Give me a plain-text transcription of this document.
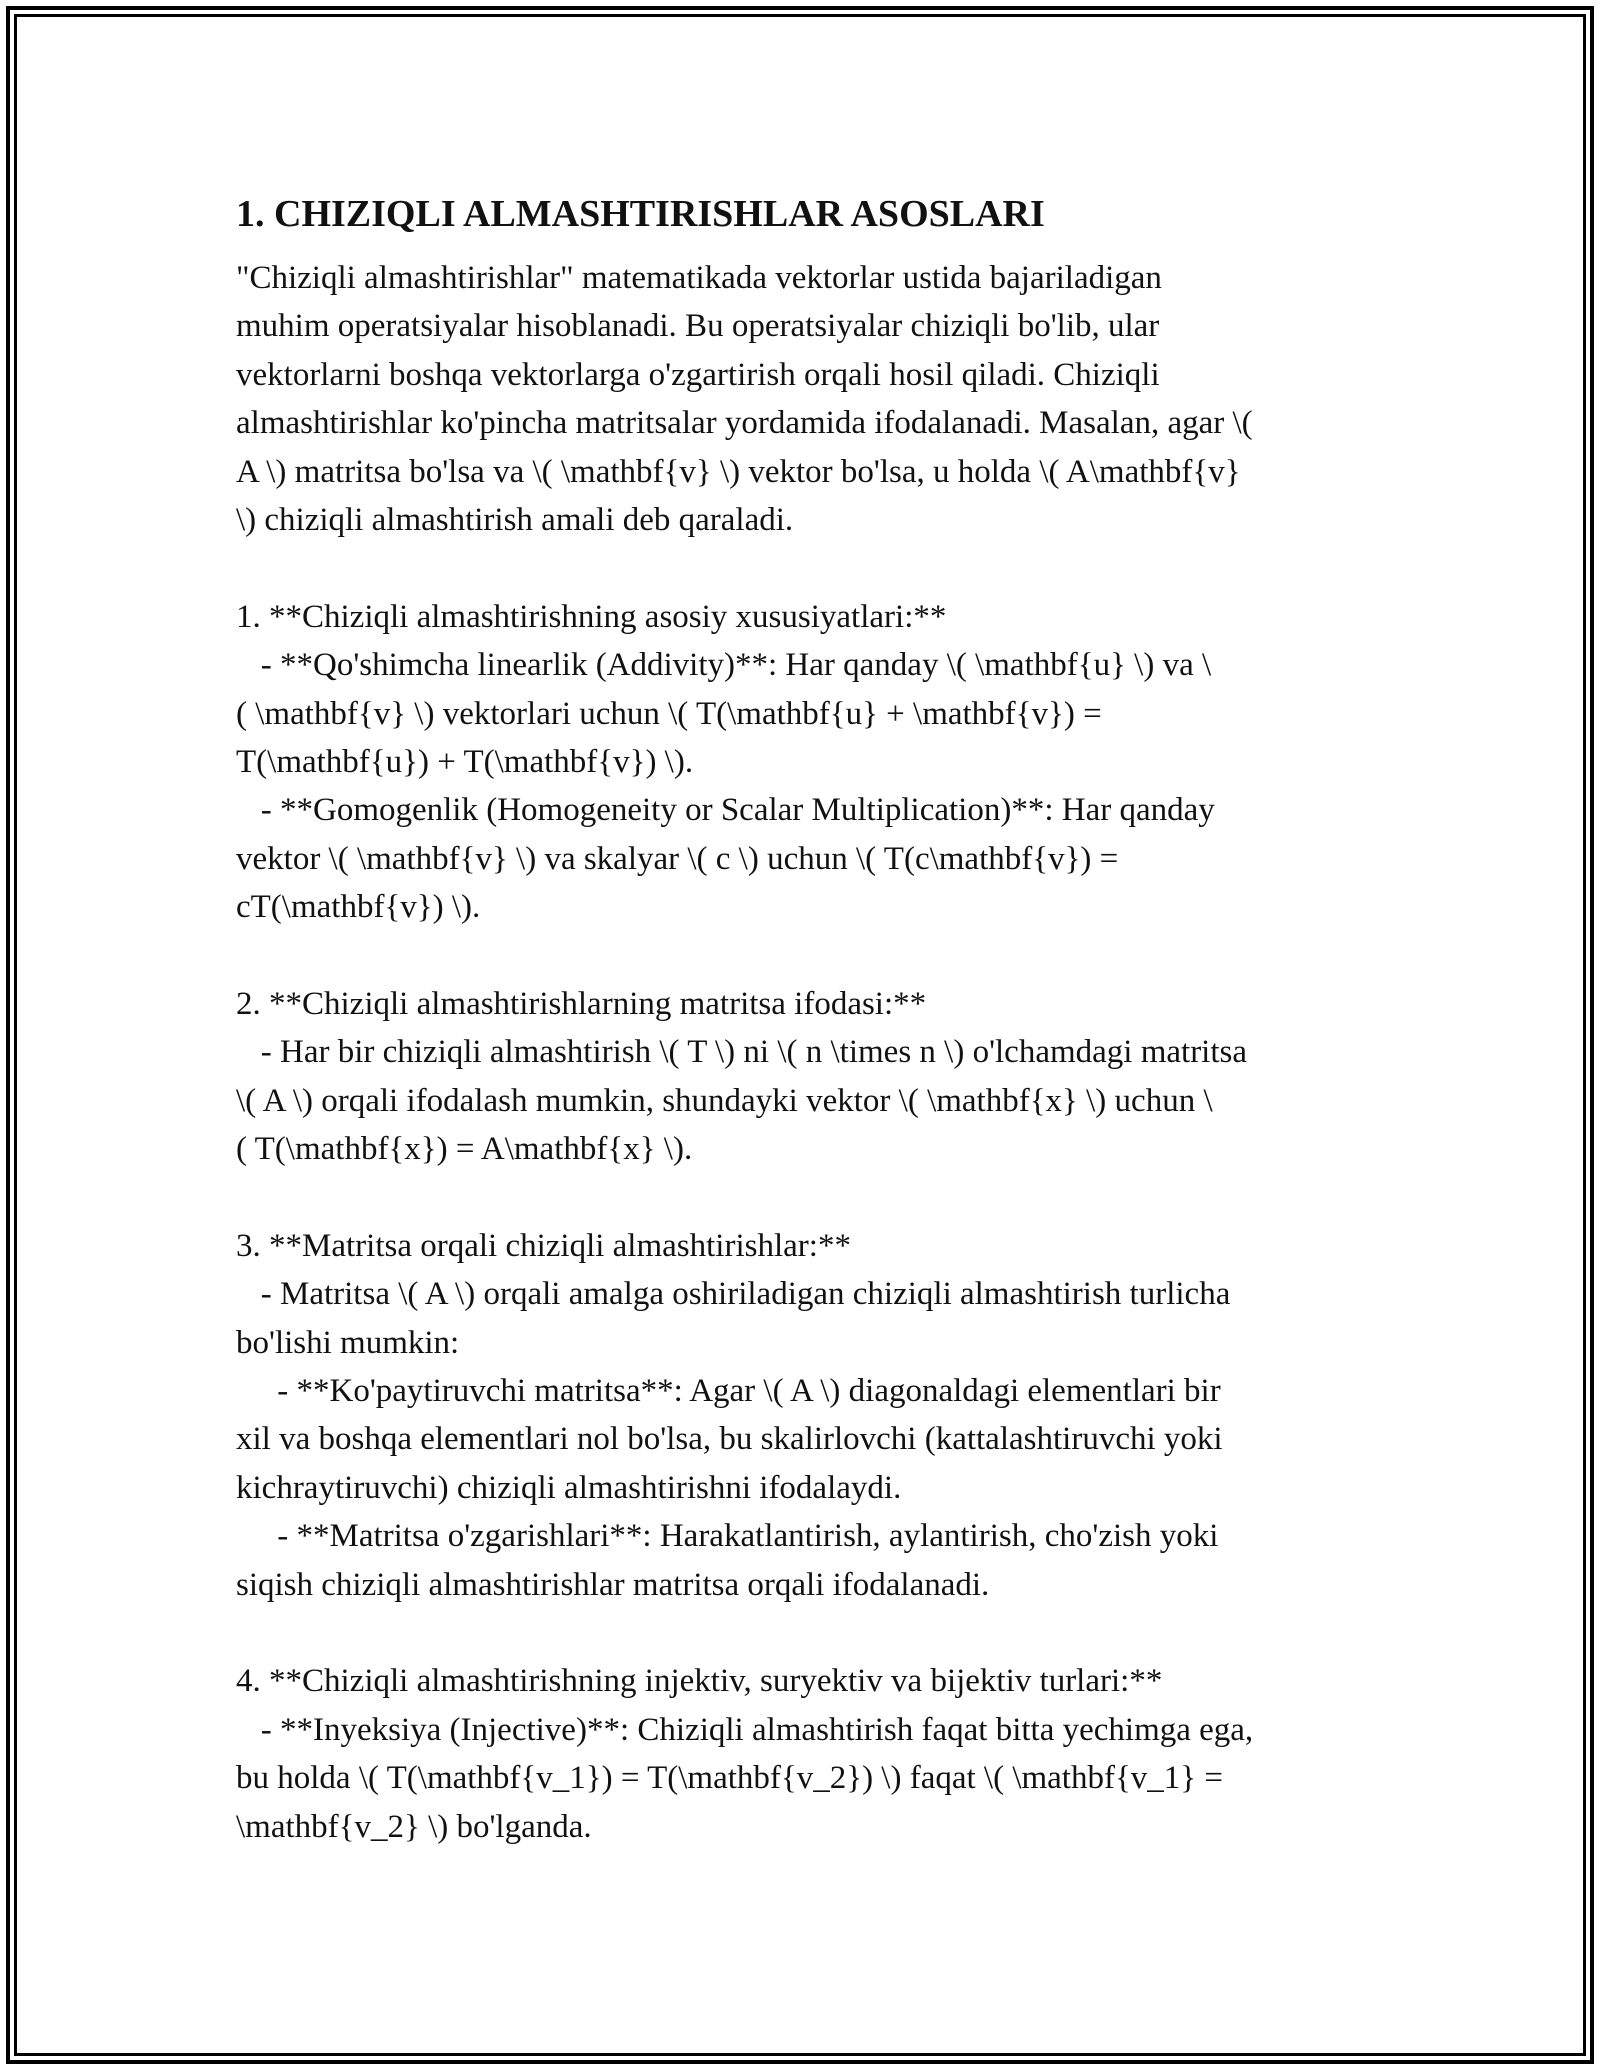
1. CHIZIQLI ALMASHTIRISHLAR ASOSLARI
"Chiziqli almashtirishlar" matematikada vektorlar ustida bajariladigan
muhim operatsiyalar hisoblanadi. Bu operatsiyalar chiziqli bo'lib, ular
vektorlarni boshqa vektorlarga o'zgartirish orqali hosil qiladi. Chiziqli
almashtirishlar ko'pincha matritsalar yordamida ifodalanadi. Masalan, agar \(
A \) matritsa bo'lsa va \( \mathbf{v} \) vektor bo'lsa, u holda \( A\mathbf{v}
\) chiziqli almashtirish amali deb qaraladi.
1. **Chiziqli almashtirishning asosiy xususiyatlari:**
- **Qo'shimcha linearlik (Addivity)**: Har qanday \( \mathbf{u} \) va \
( \mathbf{v} \) vektorlari uchun \( T(\mathbf{u} + \mathbf{v}) =
T(\mathbf{u}) + T(\mathbf{v}) \).
- **Gomogenlik (Homogeneity or Scalar Multiplication)**: Har qanday
vektor \( \mathbf{v} \) va skalyar \( c \) uchun \( T(c\mathbf{v}) =
cT(\mathbf{v}) \).
2. **Chiziqli almashtirishlarning matritsa ifodasi:**
- Har bir chiziqli almashtirish \( T \) ni \( n \times n \) o'lchamdagi matritsa
\( A \) orqali ifodalash mumkin, shundayki vektor \( \mathbf{x} \) uchun \
( T(\mathbf{x}) = A\mathbf{x} \).
3. **Matritsa orqali chiziqli almashtirishlar:**
- Matritsa \( A \) orqali amalga oshiriladigan chiziqli almashtirish turlicha
bo'lishi mumkin:
- **Ko'paytiruvchi matritsa**: Agar \( A \) diagonaldagi elementlari bir
xil va boshqa elementlari nol bo'lsa, bu skalirlovchi (kattalashtiruvchi yoki
kichraytiruvchi) chiziqli almashtirishni ifodalaydi.
- **Matritsa o'zgarishlari**: Harakatlantirish, aylantirish, cho'zish yoki
siqish chiziqli almashtirishlar matritsa orqali ifodalanadi.
4. **Chiziqli almashtirishning injektiv, suryektiv va bijektiv turlari:**
- **Inyeksiya (Injective)**: Chiziqli almashtirish faqat bitta yechimga ega,
bu holda \( T(\mathbf{v_1}) = T(\mathbf{v_2}) \) faqat \( \mathbf{v_1} =
\mathbf{v_2} \) bo'lganda.
